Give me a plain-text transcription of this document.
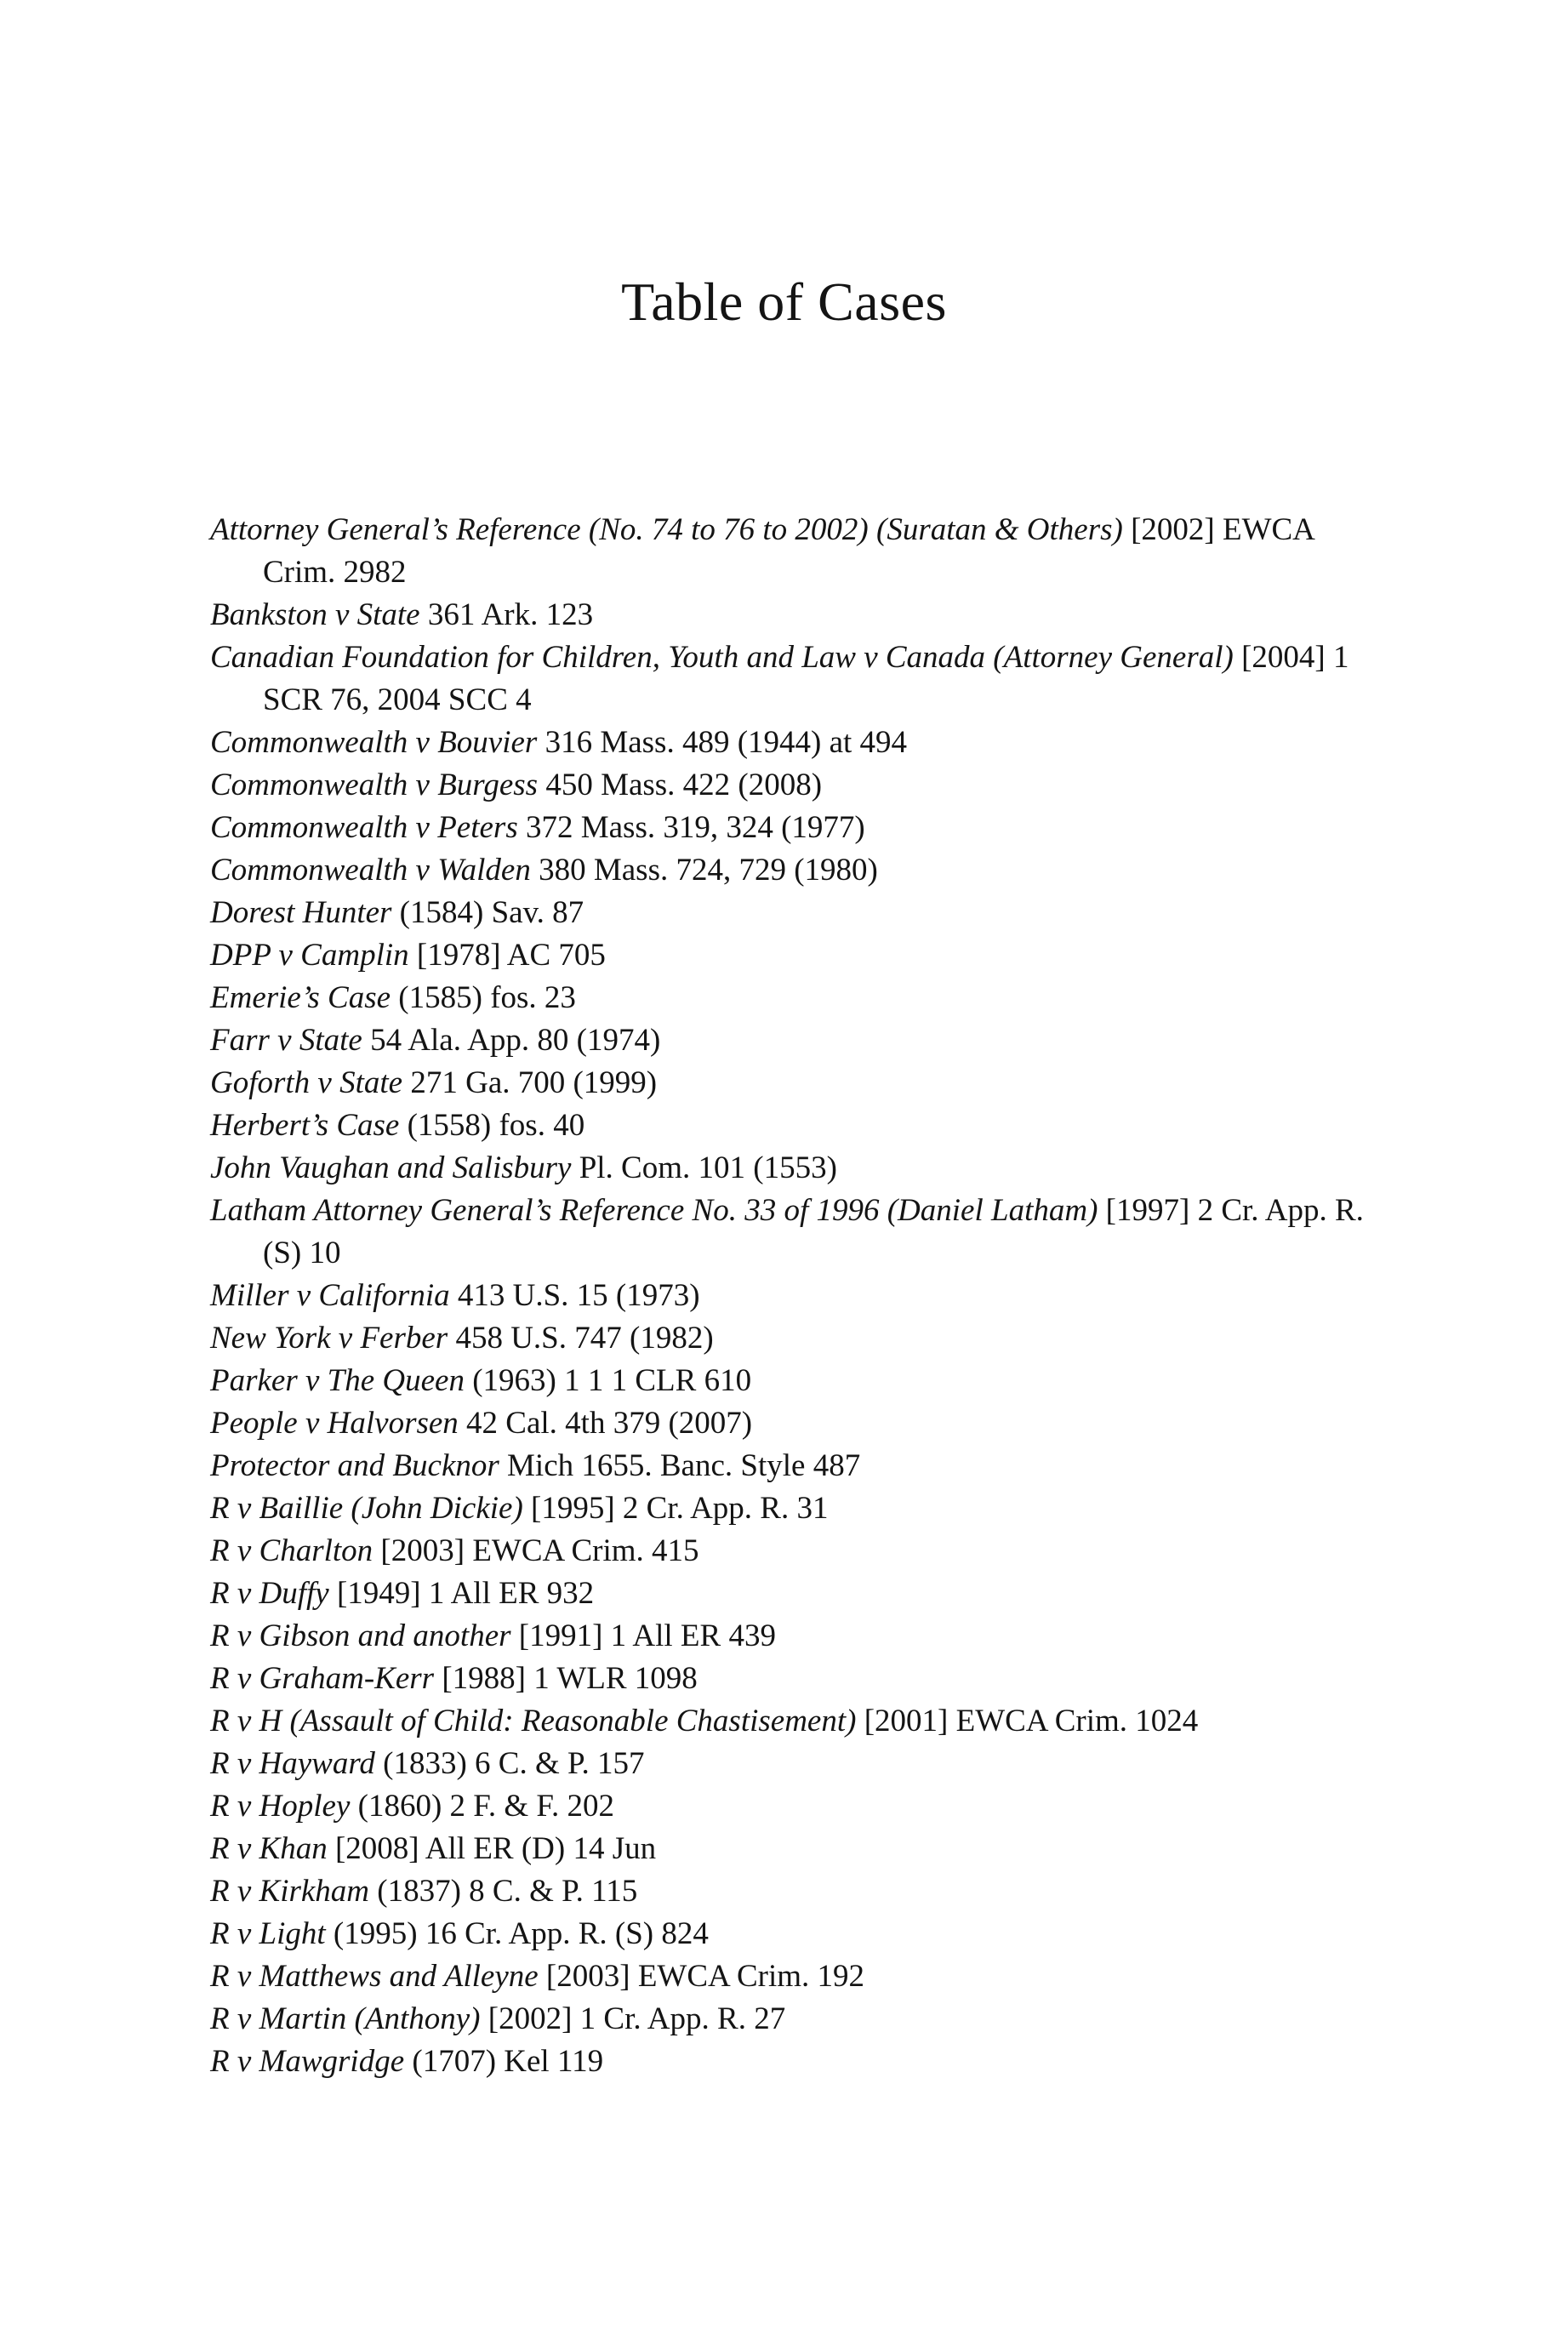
Table of Cases

Attorney General’s Reference (No. 74 to 76 to 2002) (Suratan & Others) [2002] EWCA Crim. 2982

Bankston v State 361 Ark. 123

Canadian Foundation for Children, Youth and Law v Canada (Attorney General) [2004] 1 SCR 76, 2004 SCC 4

Commonwealth v Bouvier 316 Mass. 489 (1944) at 494

Commonwealth v Burgess 450 Mass. 422 (2008)

Commonwealth v Peters 372 Mass. 319, 324 (1977)

Commonwealth v Walden 380 Mass. 724, 729 (1980)

Dorest Hunter (1584) Sav. 87

DPP v Camplin [1978] AC 705

Emerie’s Case (1585) fos. 23

Farr v State 54 Ala. App. 80 (1974)

Goforth v State 271 Ga. 700 (1999)

Herbert’s Case (1558) fos. 40

John Vaughan and Salisbury Pl. Com. 101 (1553)

Latham Attorney General’s Reference No. 33 of 1996 (Daniel Latham) [1997] 2 Cr. App. R. (S) 10

Miller v California 413 U.S. 15 (1973)

New York v Ferber 458 U.S. 747 (1982)

Parker v The Queen (1963) 1 1 1 CLR 610

People v Halvorsen 42 Cal. 4th 379 (2007)

Protector and Bucknor Mich 1655. Banc. Style 487

R v Baillie (John Dickie) [1995] 2 Cr. App. R. 31

R v Charlton [2003] EWCA Crim. 415

R v Duffy [1949] 1 All ER 932

R v Gibson and another [1991] 1 All ER 439

R v Graham-Kerr [1988] 1 WLR 1098

R v H (Assault of Child: Reasonable Chastisement) [2001] EWCA Crim. 1024

R v Hayward (1833) 6 C. & P. 157

R v Hopley (1860) 2 F. & F. 202

R v Khan [2008] All ER (D) 14 Jun

R v Kirkham (1837) 8 C. & P. 115

R v Light (1995) 16 Cr. App. R. (S) 824

R v Matthews and Alleyne [2003] EWCA Crim. 192

R v Martin (Anthony) [2002] 1 Cr. App. R. 27

R v Mawgridge (1707) Kel 119
